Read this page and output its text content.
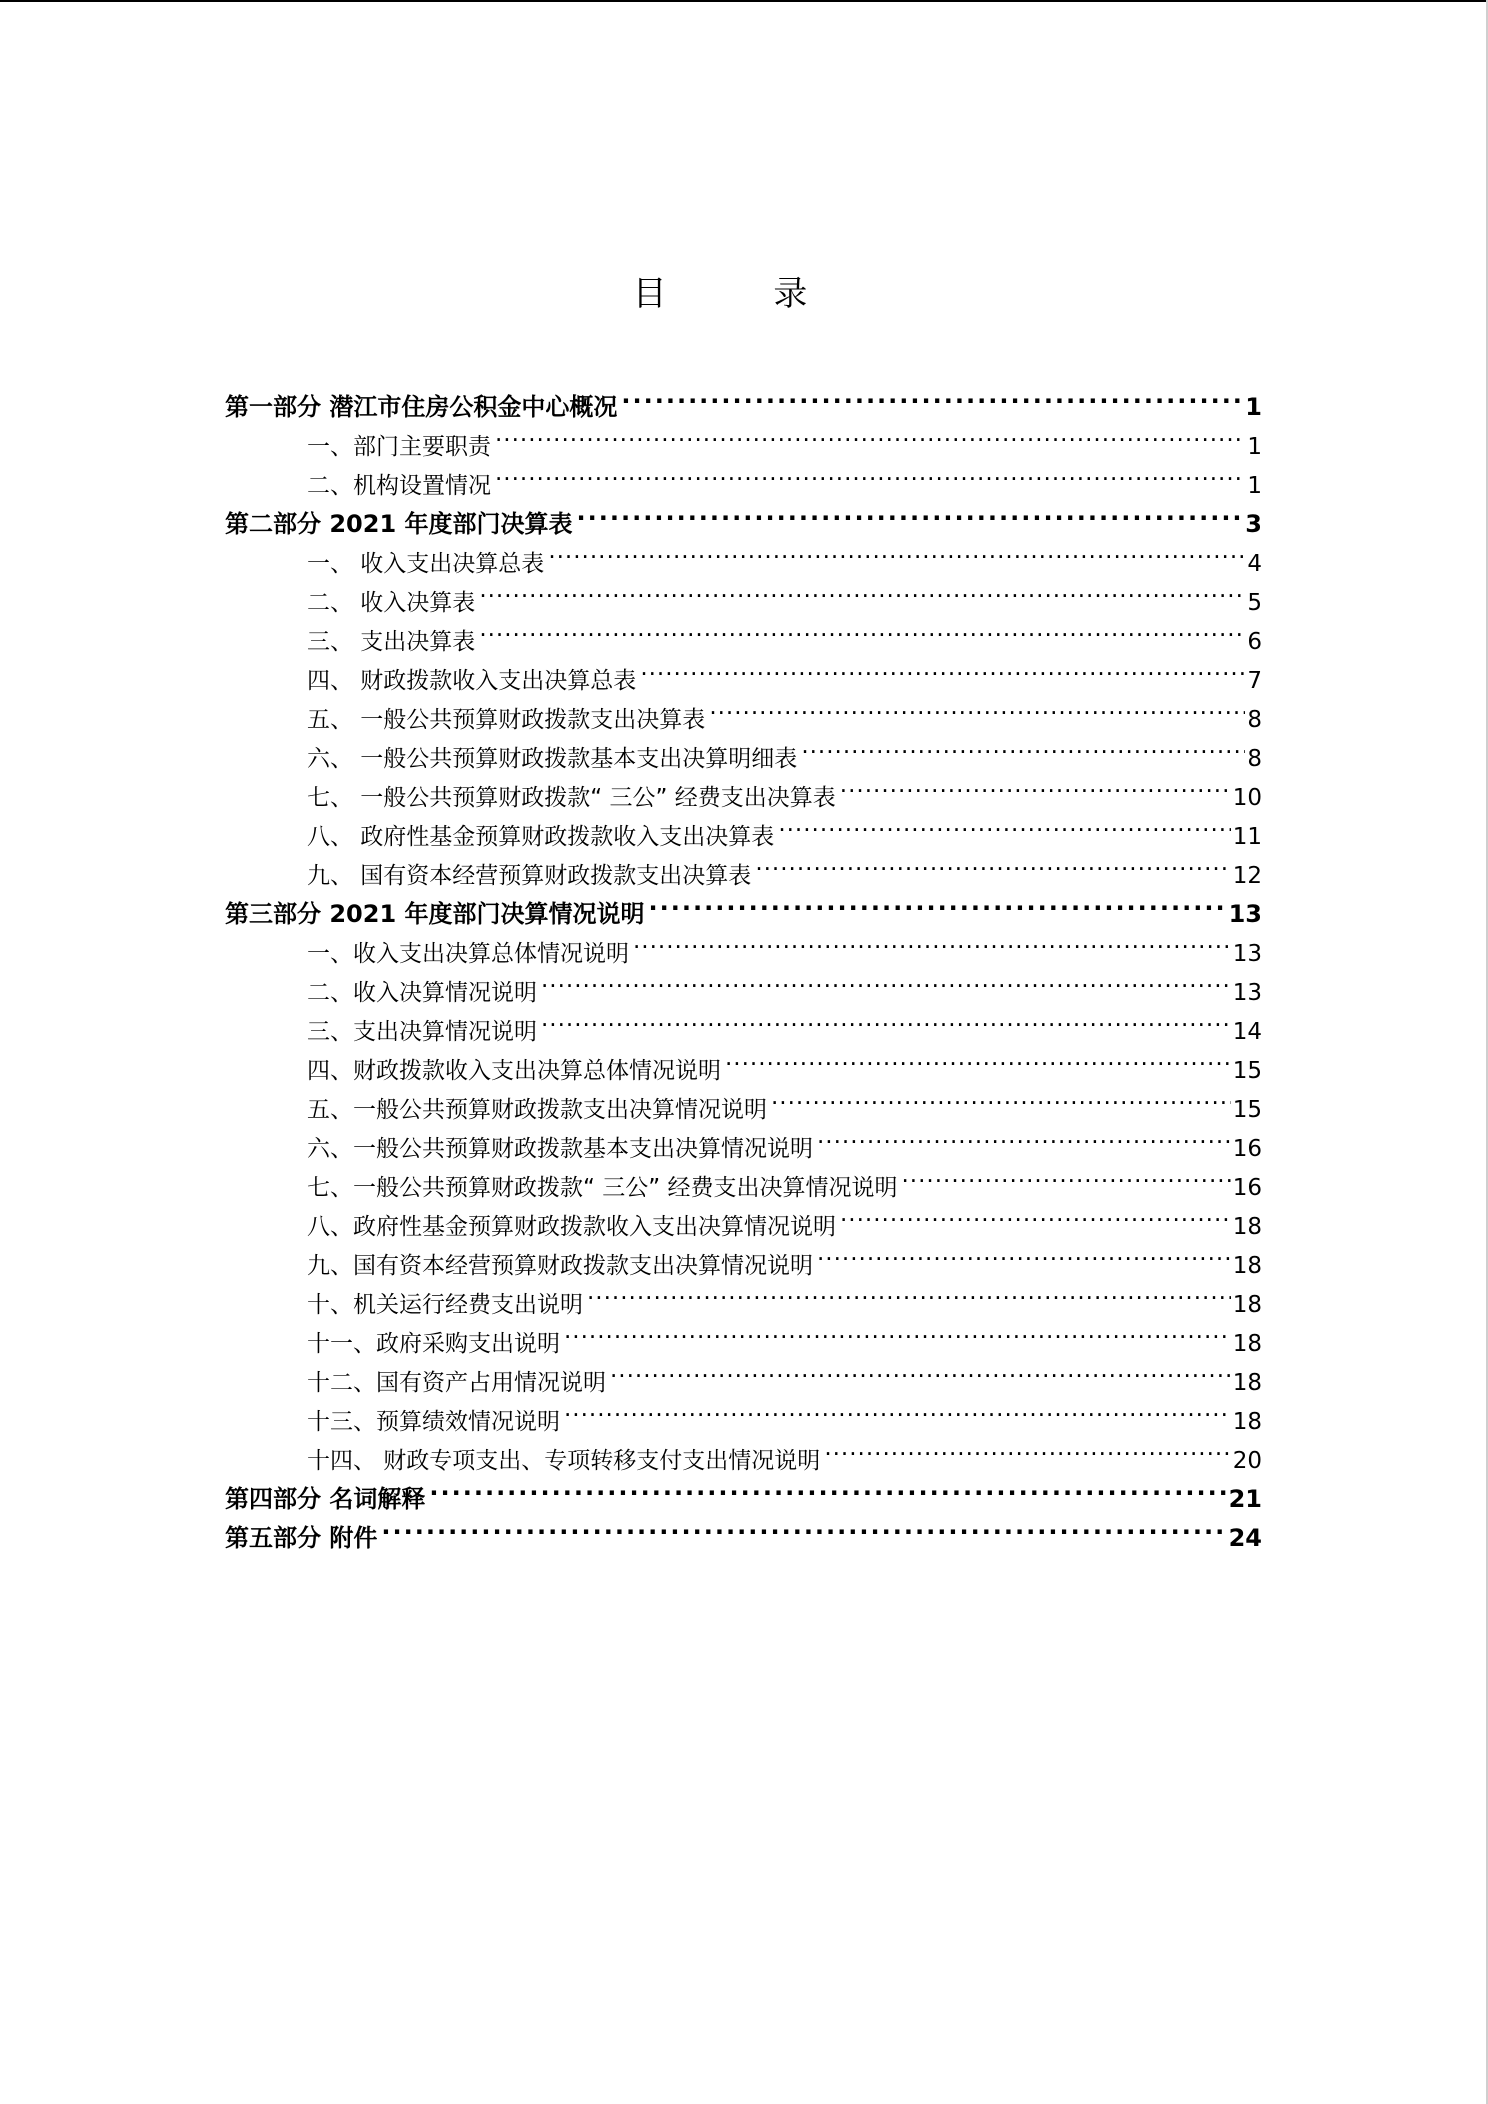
目 录
第一部分 潜江市住房公积金中心概况 .....	1
一、部门主要职责 .....	1
二、机构设置情况 .....	1
第二部分 2021 年度部门决算表 .....	3
一、 收入支出决算总表 .....	4
二、 收入决算表 .....	5
三、 支出决算表 .....	6
四、 财政拨款收入支出决算总表 .....	7
五、 一般公共预算财政拨款支出决算表 .....	8
六、 一般公共预算财政拨款基本支出决算明细表 .....	8
七、 一般公共预算财政拨款“ 三公” 经费支出决算表 .....	10
八、 政府性基金预算财政拨款收入支出决算表 .....	11
九、 国有资本经营预算财政拨款支出决算表 .....	12
第三部分 2021 年度部门决算情况说明 .....	13
一、收入支出决算总体情况说明 .....	13
二、收入决算情况说明 .....	13
三、支出决算情况说明 .....	14
四、财政拨款收入支出决算总体情况说明 .....	15
五、一般公共预算财政拨款支出决算情况说明 .....	15
六、一般公共预算财政拨款基本支出决算情况说明 .....	16
七、一般公共预算财政拨款“ 三公” 经费支出决算情况说明 .....	16
八、政府性基金预算财政拨款收入支出决算情况说明 .....	18
九、国有资本经营预算财政拨款支出决算情况说明 .....	18
十、机关运行经费支出说明 .....	18
十一、政府采购支出说明 .....	18
十二、国有资产占用情况说明 .....	18
十三、预算绩效情况说明 .....	18
十四、 财政专项支出、专项转移支付支出情况说明 .....	20
第四部分 名词解释 .....	21
第五部分 附件 .....	24
